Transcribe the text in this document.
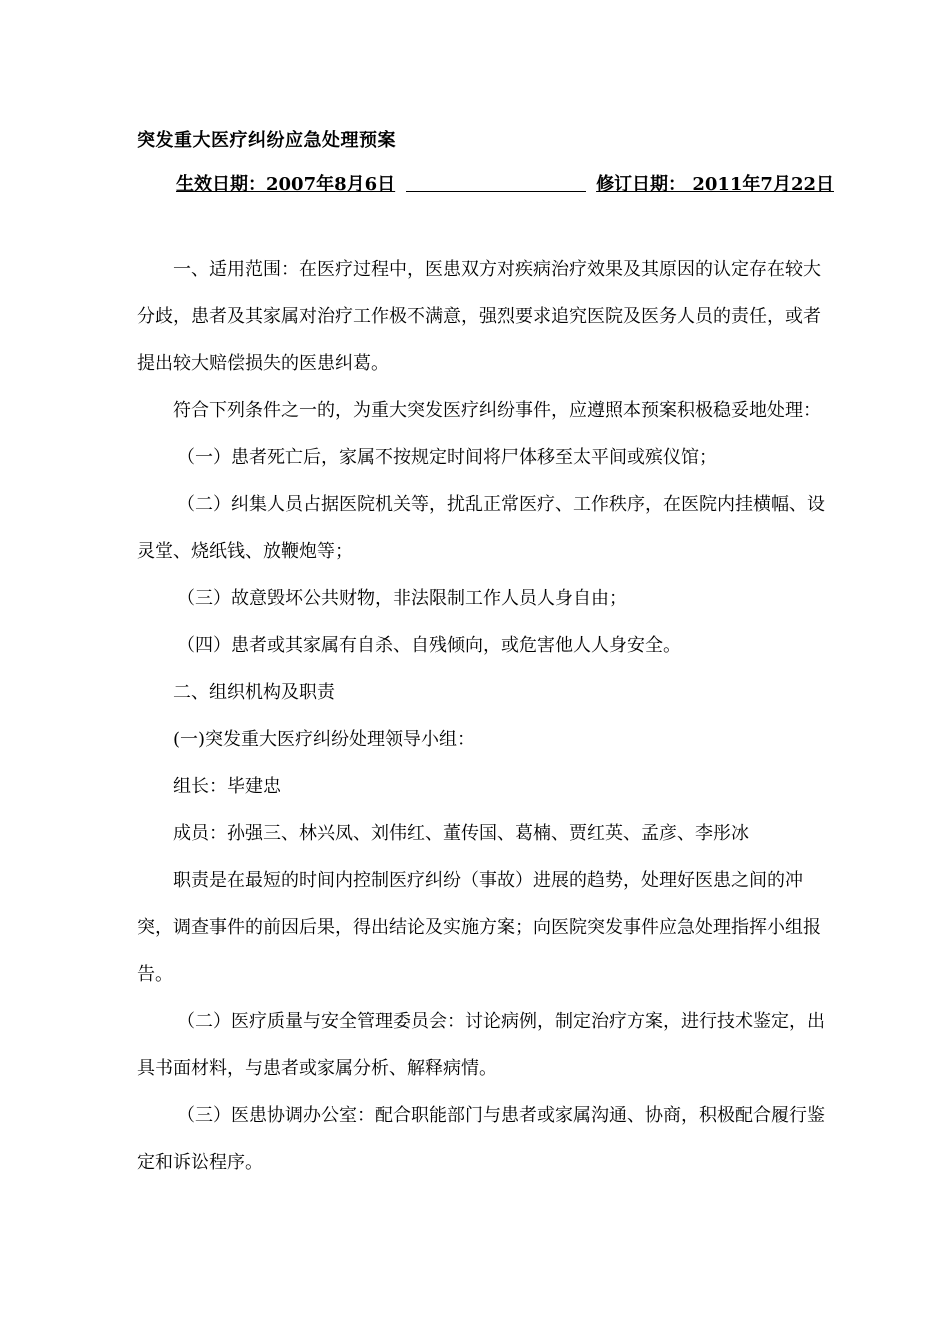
突发重大医疗纠纷应急处理预案
生效日期：2007年8月6日	修订日期： 2011年7月22日

一、适用范围：在医疗过程中，医患双方对疾病治疗效果及其原因的认定存在较大分歧，患者及其家属对治疗工作极不满意，强烈要求追究医院及医务人员的责任，或者提出较大赔偿损失的医患纠葛。

符合下列条件之一的，为重大突发医疗纠纷事件，应遵照本预案积极稳妥地处理：

（一）患者死亡后，家属不按规定时间将尸体移至太平间或殡仪馆；

（二）纠集人员占据医院机关等，扰乱正常医疗、工作秩序，在医院内挂横幅、设灵堂、烧纸钱、放鞭炮等；

（三）故意毁坏公共财物，非法限制工作人员人身自由；

（四）患者或其家属有自杀、自残倾向，或危害他人人身安全。

二、组织机构及职责

(一)突发重大医疗纠纷处理领导小组：

组长：毕建忠

成员：孙强三、林兴凤、刘伟红、董传国、葛楠、贾红英、孟彦、李彤冰

职责是在最短的时间内控制医疗纠纷（事故）进展的趋势，处理好医患之间的冲突，调查事件的前因后果，得出结论及实施方案；向医院突发事件应急处理指挥小组报告。

（二）医疗质量与安全管理委员会：讨论病例，制定治疗方案，进行技术鉴定，出具书面材料，与患者或家属分析、解释病情。

（三）医患协调办公室：配合职能部门与患者或家属沟通、协商，积极配合履行鉴定和诉讼程序。
